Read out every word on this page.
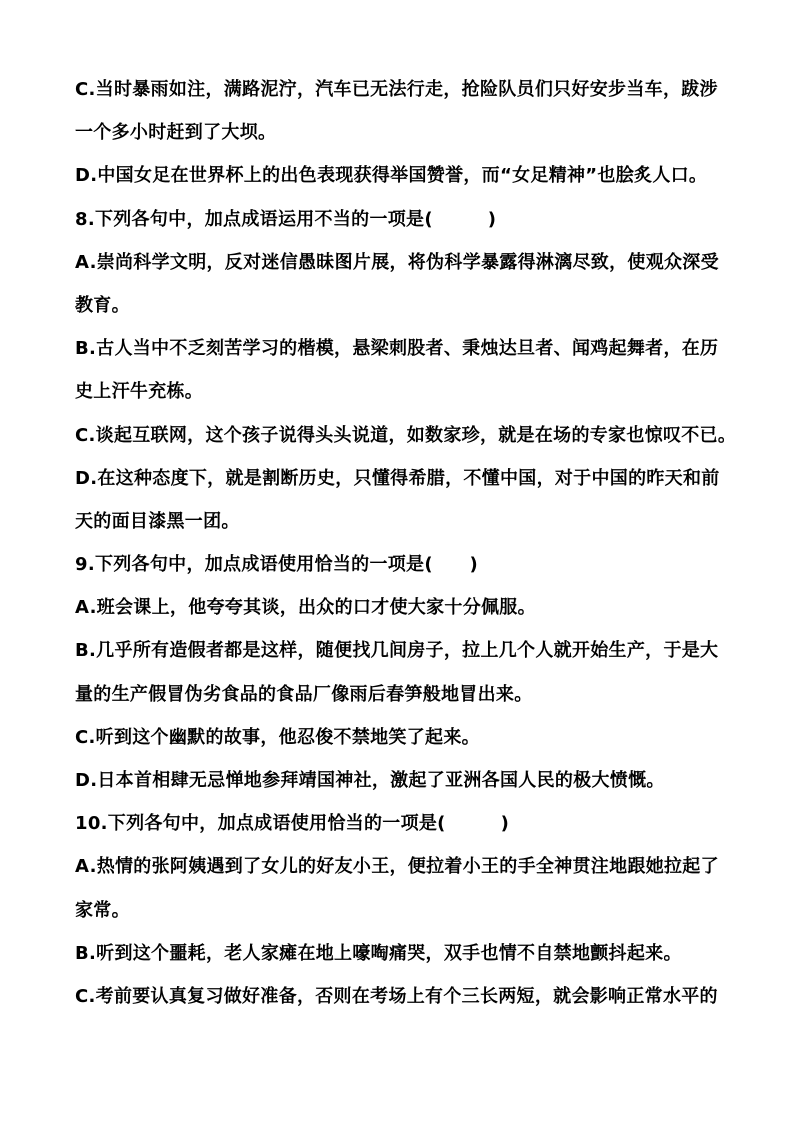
C.当时暴雨如注，满路泥泞，汽车已无法行走，抢险队员们只好安步当车，跋涉
一个多小时赶到了大坝。
D.中国女足在世界杯上的出色表现获得举国赞誉，而“女足精神”也脍炙人口。
8.下列各句中，加点成语运用不当的一项是(　　　)
A.崇尚科学文明，反对迷信愚昧图片展，将伪科学暴露得淋漓尽致，使观众深受
教育。
B.古人当中不乏刻苦学习的楷模，悬梁刺股者、秉烛达旦者、闻鸡起舞者，在历
史上汗牛充栋。
C.谈起互联网，这个孩子说得头头说道，如数家珍，就是在场的专家也惊叹不已。
D.在这种态度下，就是割断历史，只懂得希腊，不懂中国，对于中国的昨天和前
天的面目漆黑一团。
9.下列各句中，加点成语使用恰当的一项是(　　)
A.班会课上，他夸夸其谈，出众的口才使大家十分佩服。
B.几乎所有造假者都是这样，随便找几间房子，拉上几个人就开始生产，于是大
量的生产假冒伪劣食品的食品厂像雨后春笋般地冒出来。
C.听到这个幽默的故事，他忍俊不禁地笑了起来。
D.日本首相肆无忌惮地参拜靖国神社，激起了亚洲各国人民的极大愤慨。
10.下列各句中，加点成语使用恰当的一项是(　　　)
A.热情的张阿姨遇到了女儿的好友小王，便拉着小王的手全神贯注地跟她拉起了
家常。
B.听到这个噩耗，老人家瘫在地上嚎啕痛哭，双手也情不自禁地颤抖起来。
C.考前要认真复习做好准备，否则在考场上有个三长两短，就会影响正常水平的
